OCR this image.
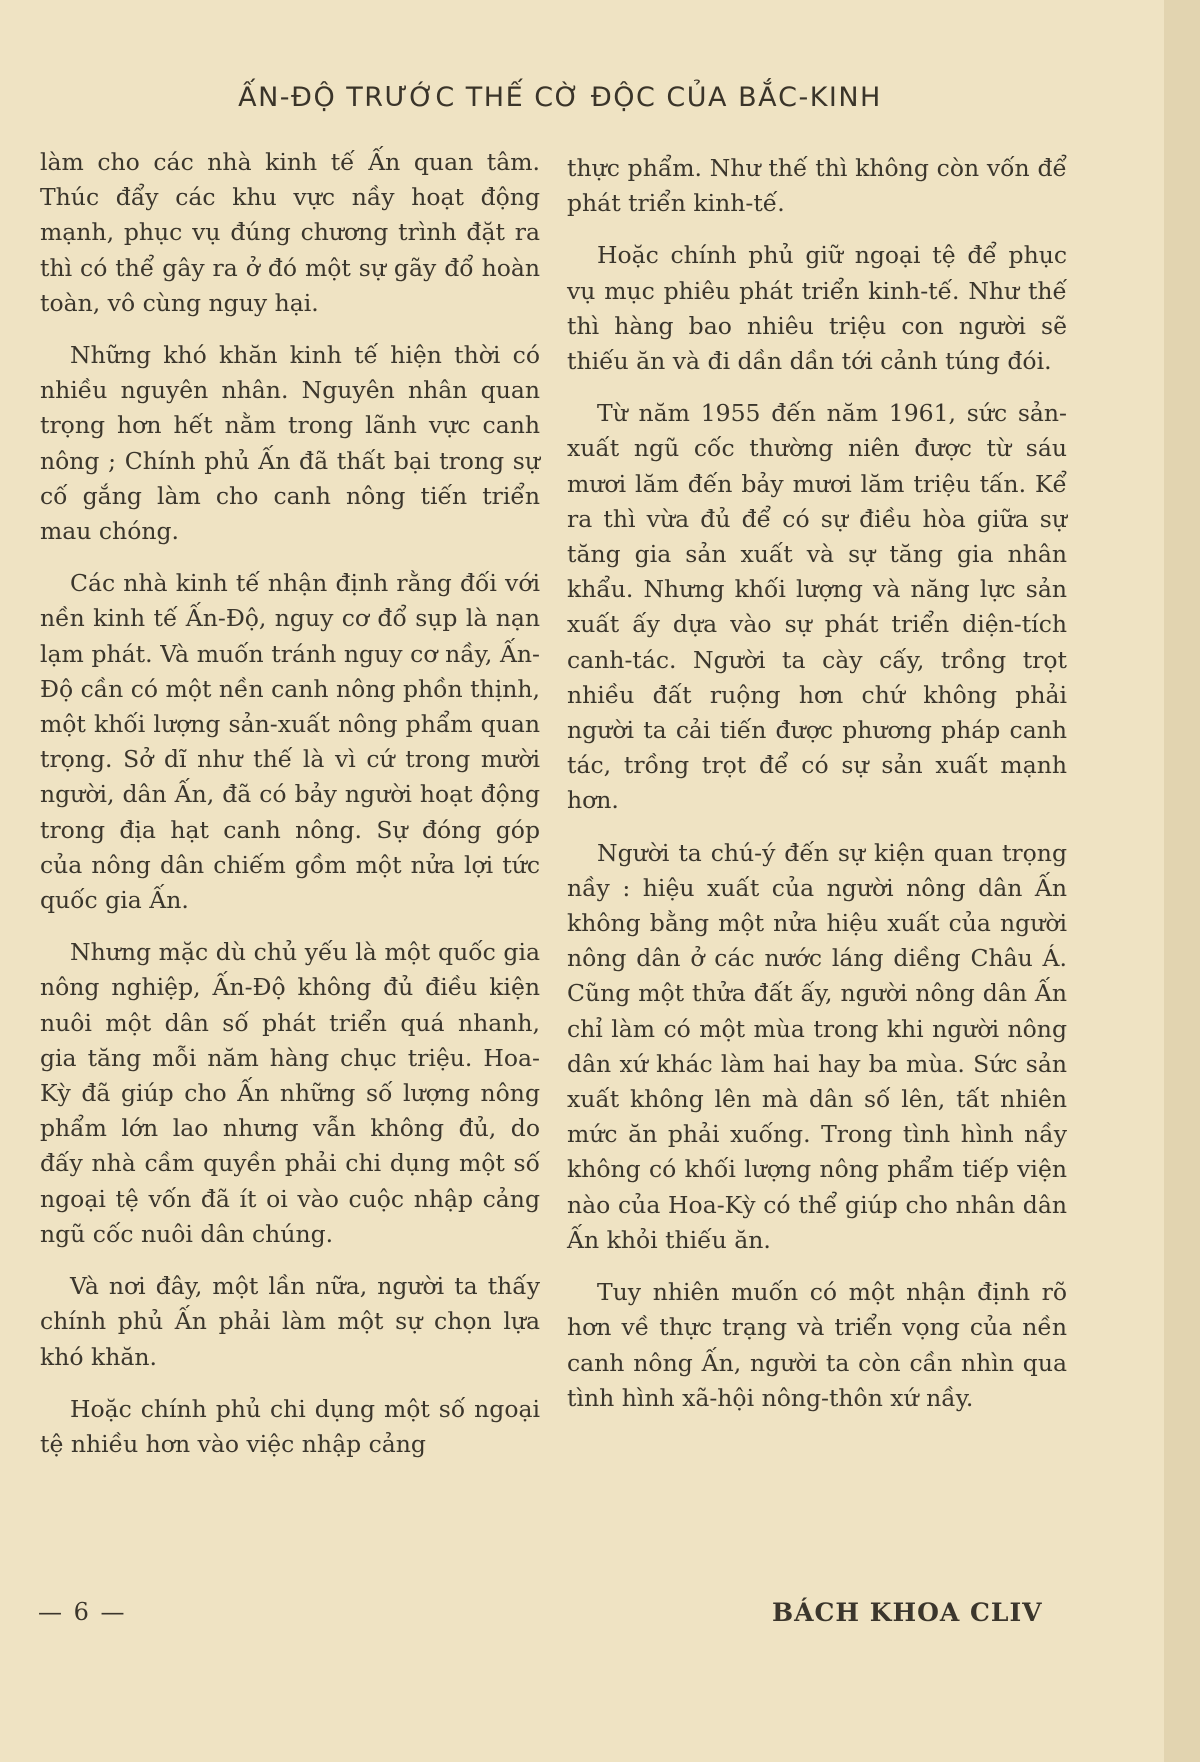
ẤN-ĐỘ TRƯỚC THẾ CỜ ĐỘC CỦA BẮC-KINH

làm cho các nhà kinh tế Ấn quan tâm. Thúc đẩy các khu vực nầy hoạt động mạnh, phục vụ đúng chương trình đặt ra thì có thể gây ra ở đó một sự gãy đổ hoàn toàn, vô cùng nguy hại.

Những khó khăn kinh tế hiện thời có nhiều nguyên nhân. Nguyên nhân quan trọng hơn hết nằm trong lãnh vực canh nông ; Chính phủ Ấn đã thất bại trong sự cố gắng làm cho canh nông tiến triển mau chóng.

Các nhà kinh tế nhận định rằng đối với nền kinh tế Ấn-Độ, nguy cơ đổ sụp là nạn lạm phát. Và muốn tránh nguy cơ nầy, Ấn-Độ cần có một nền canh nông phồn thịnh, một khối lượng sản-xuất nông phẩm quan trọng. Sở dĩ như thế là vì cứ trong mười người, dân Ấn, đã có bảy người hoạt động trong địa hạt canh nông. Sự đóng góp của nông dân chiếm gồm một nửa lợi tức quốc gia Ấn.

Nhưng mặc dù chủ yếu là một quốc gia nông nghiệp, Ấn-Độ không đủ điều kiện nuôi một dân số phát triển quá nhanh, gia tăng mỗi năm hàng chục triệu. Hoa-Kỳ đã giúp cho Ấn những số lượng nông phẩm lớn lao nhưng vẫn không đủ, do đấy nhà cầm quyền phải chi dụng một số ngoại tệ vốn đã ít oi vào cuộc nhập cảng ngũ cốc nuôi dân chúng.

Và nơi đây, một lần nữa, người ta thấy chính phủ Ấn phải làm một sự chọn lựa khó khăn.

Hoặc chính phủ chi dụng một số ngoại tệ nhiều hơn vào việc nhập cảng

thực phẩm. Như thế thì không còn vốn để phát triển kinh-tế.

Hoặc chính phủ giữ ngoại tệ để phục vụ mục phiêu phát triển kinh-tế. Như thế thì hàng bao nhiêu triệu con người sẽ thiếu ăn và đi dần dần tới cảnh túng đói.

Từ năm 1955 đến năm 1961, sức sản-xuất ngũ cốc thường niên được từ sáu mươi lăm đến bảy mươi lăm triệu tấn. Kể ra thì vừa đủ để có sự điều hòa giữa sự tăng gia sản xuất và sự tăng gia nhân khẩu. Nhưng khối lượng và năng lực sản xuất ấy dựa vào sự phát triển diện-tích canh-tác. Người ta cày cấy, trồng trọt nhiều đất ruộng hơn chứ không phải người ta cải tiến được phương pháp canh tác, trồng trọt để có sự sản xuất mạnh hơn.

Người ta chú-ý đến sự kiện quan trọng nầy : hiệu xuất của người nông dân Ấn không bằng một nửa hiệu xuất của người nông dân ở các nước láng diềng Châu Á. Cũng một thửa đất ấy, người nông dân Ấn chỉ làm có một mùa trong khi người nông dân xứ khác làm hai hay ba mùa. Sức sản xuất không lên mà dân số lên, tất nhiên mức ăn phải xuống. Trong tình hình nầy không có khối lượng nông phẩm tiếp viện nào của Hoa-Kỳ có thể giúp cho nhân dân Ấn khỏi thiếu ăn.

Tuy nhiên muốn có một nhận định rõ hơn về thực trạng và triển vọng của nền canh nông Ấn, người ta còn cần nhìn qua tình hình xã-hội nông-thôn xứ nầy.

— 6 —	BÁCH KHOA CLIV
